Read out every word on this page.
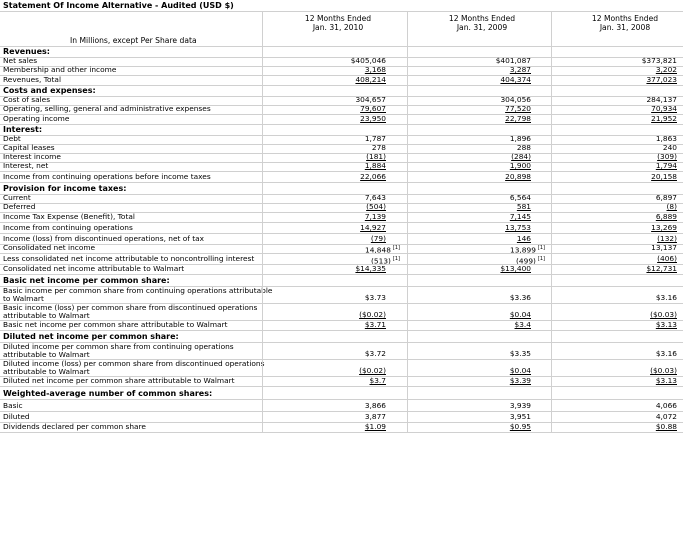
Statement Of Income Alternative - Audited (USD $)
12 Months Ended
Jan. 31, 2010
12 Months Ended
Jan. 31, 2009
12 Months Ended
Jan. 31, 2008
In Millions, except Per Share data
Revenues:
Net sales	$405,046	$401,087	$373,821
Membership and other income	3,168	3,287	3,202
Revenues, Total	408,214	404,374	377,023
Costs and expenses:
Cost of sales	304,657	304,056	284,137
Operating, selling, general and administrative expenses	79,607	77,520	70,934
Operating income	23,950	22,798	21,952
Interest:
Debt	1,787	1,896	1,863
Capital leases	278	288	240
Interest income	(181)	(284)	(309)
Interest, net	1,884	1,900	1,794
Income from continuing operations before income taxes	22,066	20,898	20,158
Provision for income taxes:
Current	7,643	6,564	6,897
Deferred	(504)	581	(8)
Income Tax Expense (Benefit), Total	7,139	7,145	6,889
Income from continuing operations	14,927	13,753	13,269
Income (loss) from discontinued operations, net of tax	(79)	146	(132)
Consolidated net income	14,848 [1]	13,899 [1]	13,137
Less consolidated net income attributable to noncontrolling interest	(513) [1]	(499) [1]	(406)
Consolidated net income attributable to Walmart	$14,335	$13,400	$12,731
Basic net income per common share:
Basic income per common share from continuing operations attributable
to Walmart	$3.73	$3.36	$3.16
Basic income (loss) per common share from discontinued operations
attributable to Walmart	($0.02)	$0.04	($0.03)
Basic net income per common share attributable to Walmart	$3.71	$3.4	$3.13
Diluted net income per common share:
Diluted income per common share from continuing operations
attributable to Walmart	$3.72	$3.35	$3.16
Diluted income (loss) per common share from discontinued operations
attributable to Walmart	($0.02)	$0.04	($0.03)
Diluted net income per common share attributable to Walmart	$3.7	$3.39	$3.13
Weighted-average number of common shares:
Basic	3,866	3,939	4,066
Diluted	3,877	3,951	4,072
Dividends declared per common share	$1.09	$0.95	$0.88
